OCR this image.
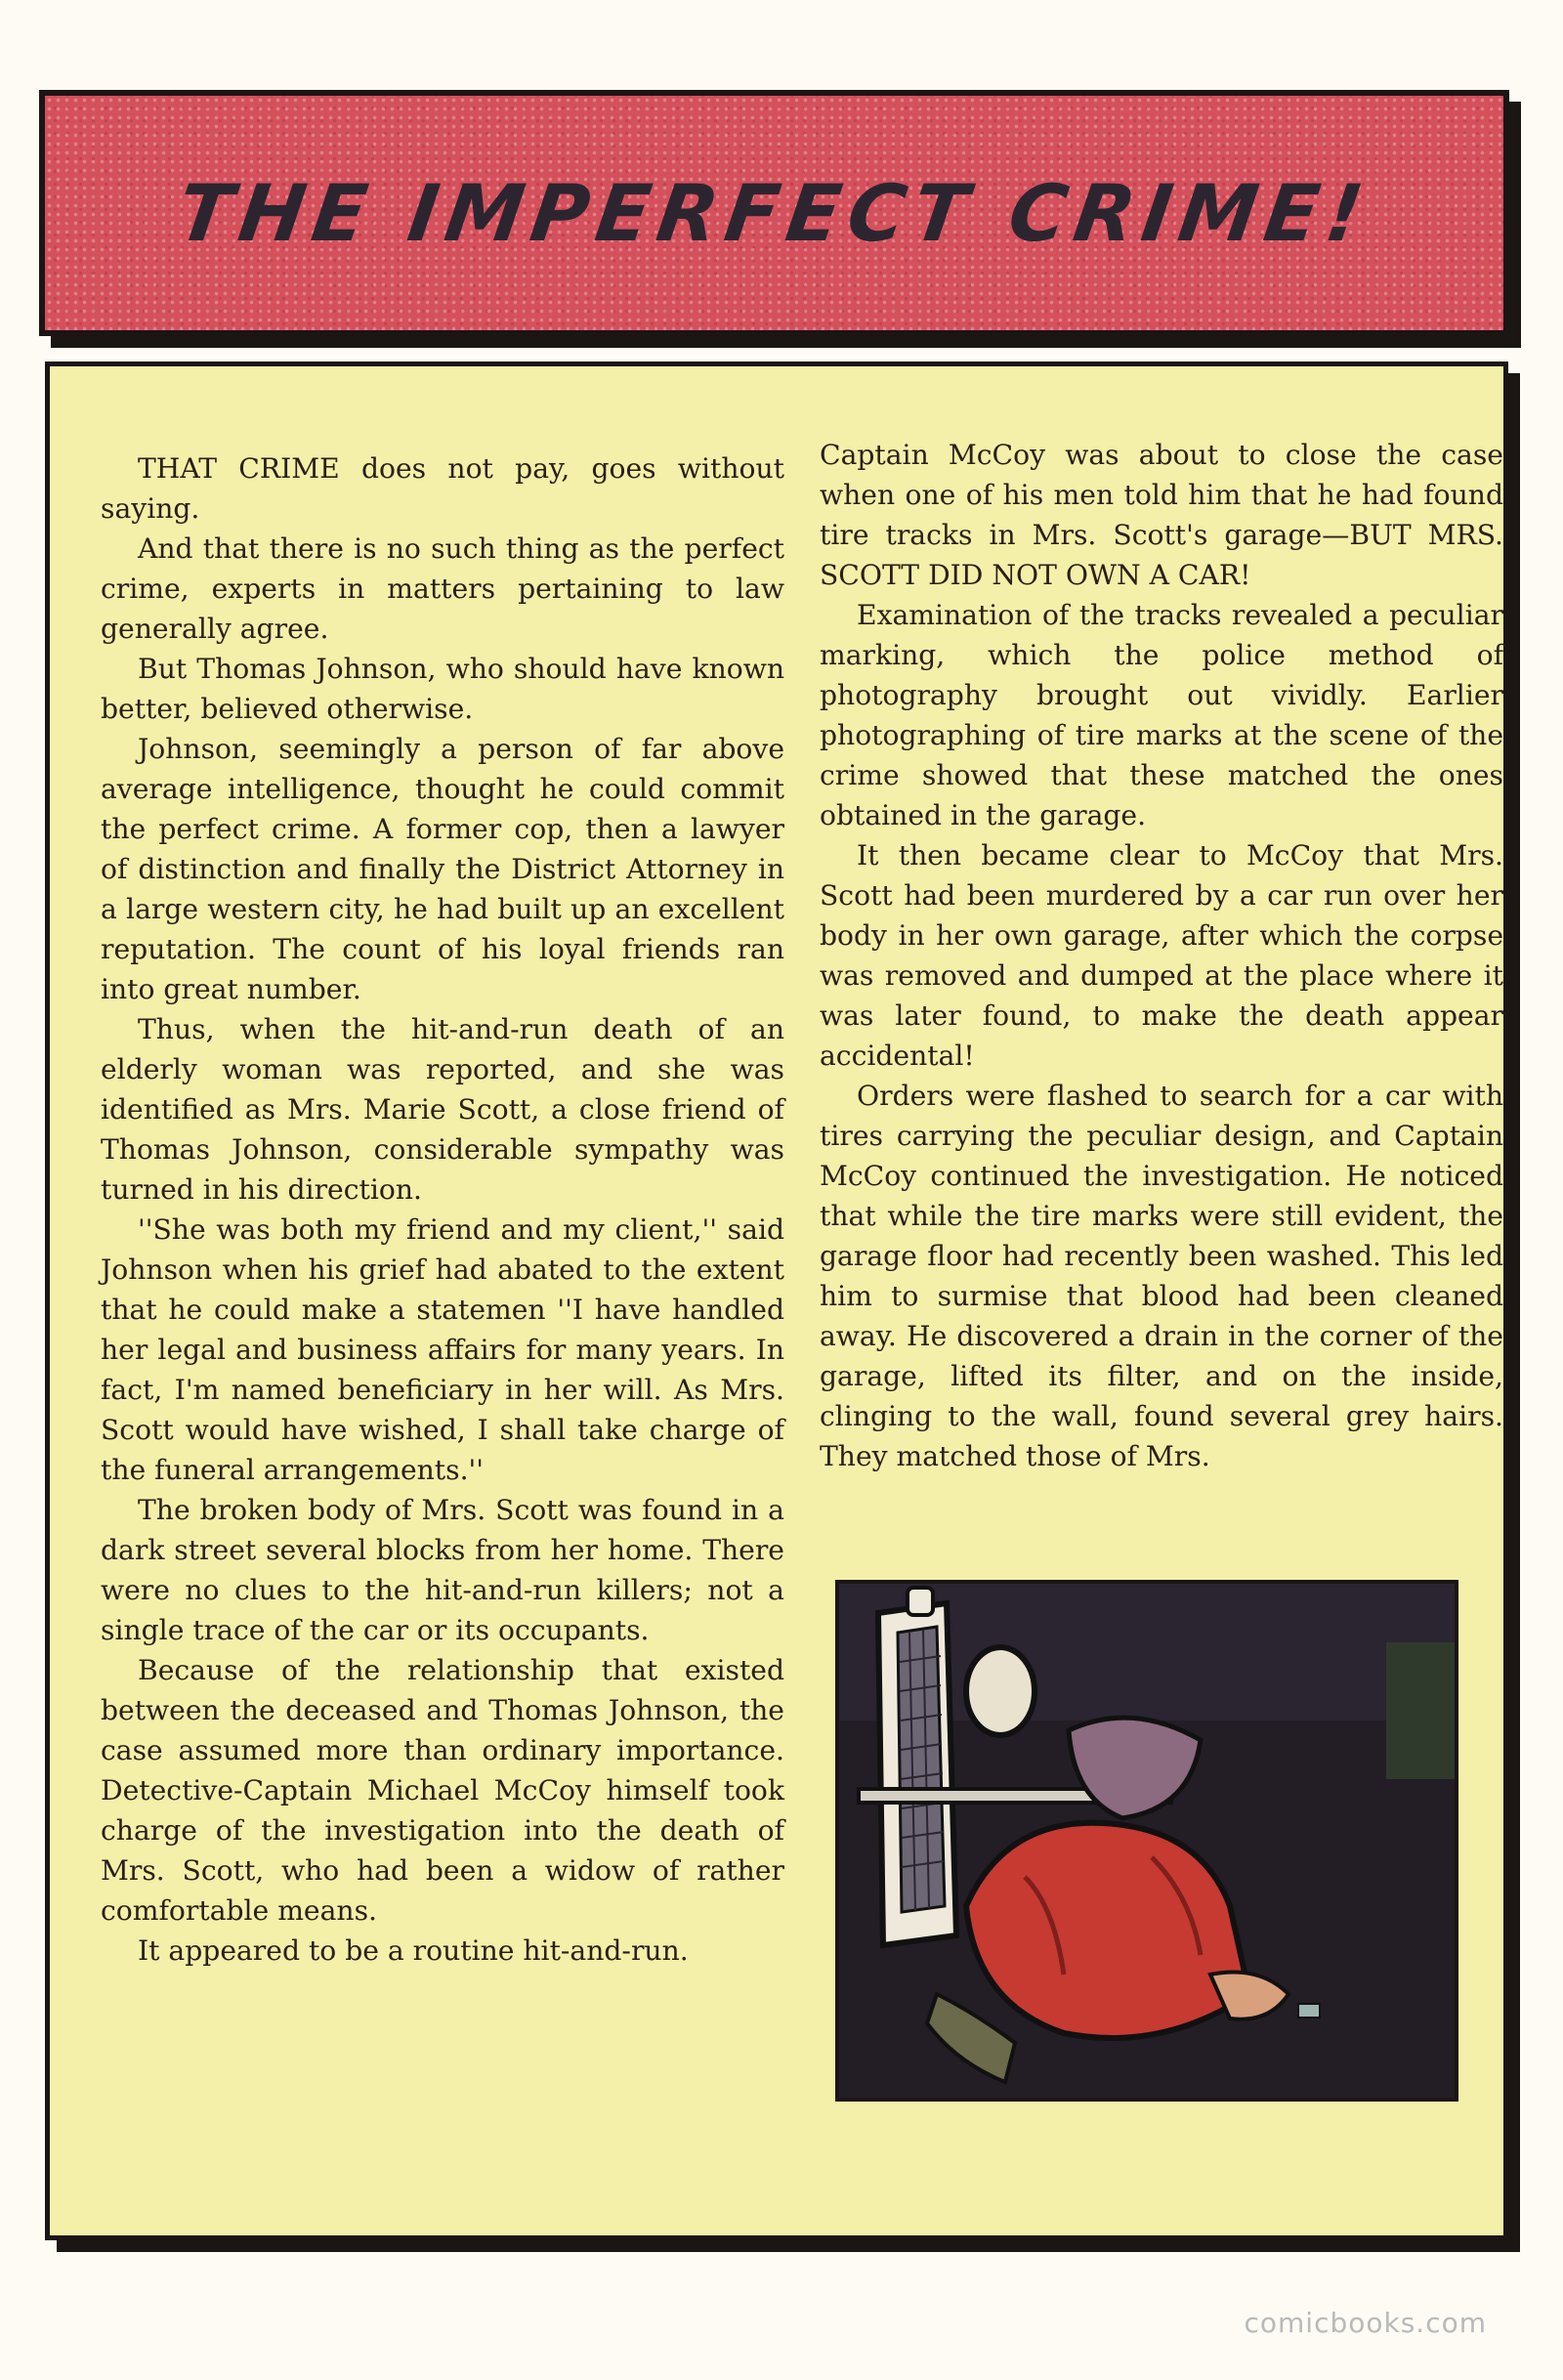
THE IMPERFECT CRIME!

THAT CRIME does not pay, goes without saying.

And that there is no such thing as the perfect crime, experts in matters pertaining to law generally agree.

But Thomas Johnson, who should have known better, believed otherwise.

Johnson, seemingly a person of far above average intelligence, thought he could commit the perfect crime. A former cop, then a lawyer of distinction and finally the District Attorney in a large western city, he had built up an excellent reputation. The count of his loyal friends ran into great number.

Thus, when the hit-and-run death of an elderly woman was reported, and she was identified as Mrs. Marie Scott, a close friend of Thomas Johnson, considerable sympathy was turned in his direction.

''She was both my friend and my client,'' said Johnson when his grief had abated to the extent that he could make a statemen ''I have handled her legal and business affairs for many years. In fact, I'm named beneficiary in her will. As Mrs. Scott would have wished, I shall take charge of the funeral arrangements.''

The broken body of Mrs. Scott was found in a dark street several blocks from her home. There were no clues to the hit-and-run killers; not a single trace of the car or its occupants.

Because of the relationship that existed between the deceased and Thomas Johnson, the case assumed more than ordinary importance. Detective-Captain Michael McCoy himself took charge of the investigation into the death of Mrs. Scott, who had been a widow of rather comfortable means.

It appeared to be a routine hit-and-run.

Captain McCoy was about to close the case when one of his men told him that he had found tire tracks in Mrs. Scott's garage—BUT MRS. SCOTT DID NOT OWN A CAR!

Examination of the tracks revealed a peculiar marking, which the police method of photography brought out vividly. Earlier photographing of tire marks at the scene of the crime showed that these matched the ones obtained in the garage.

It then became clear to McCoy that Mrs. Scott had been murdered by a car run over her body in her own garage, after which the corpse was removed and dumped at the place where it was later found, to make the death appear accidental!

Orders were flashed to search for a car with tires carrying the peculiar design, and Captain McCoy continued the investigation. He noticed that while the tire marks were still evident, the garage floor had recently been washed. This led him to surmise that blood had been cleaned away. He discovered a drain in the corner of the garage, lifted its filter, and on the inside, clinging to the wall, found several grey hairs. They matched those of Mrs.

comicbooks.com
